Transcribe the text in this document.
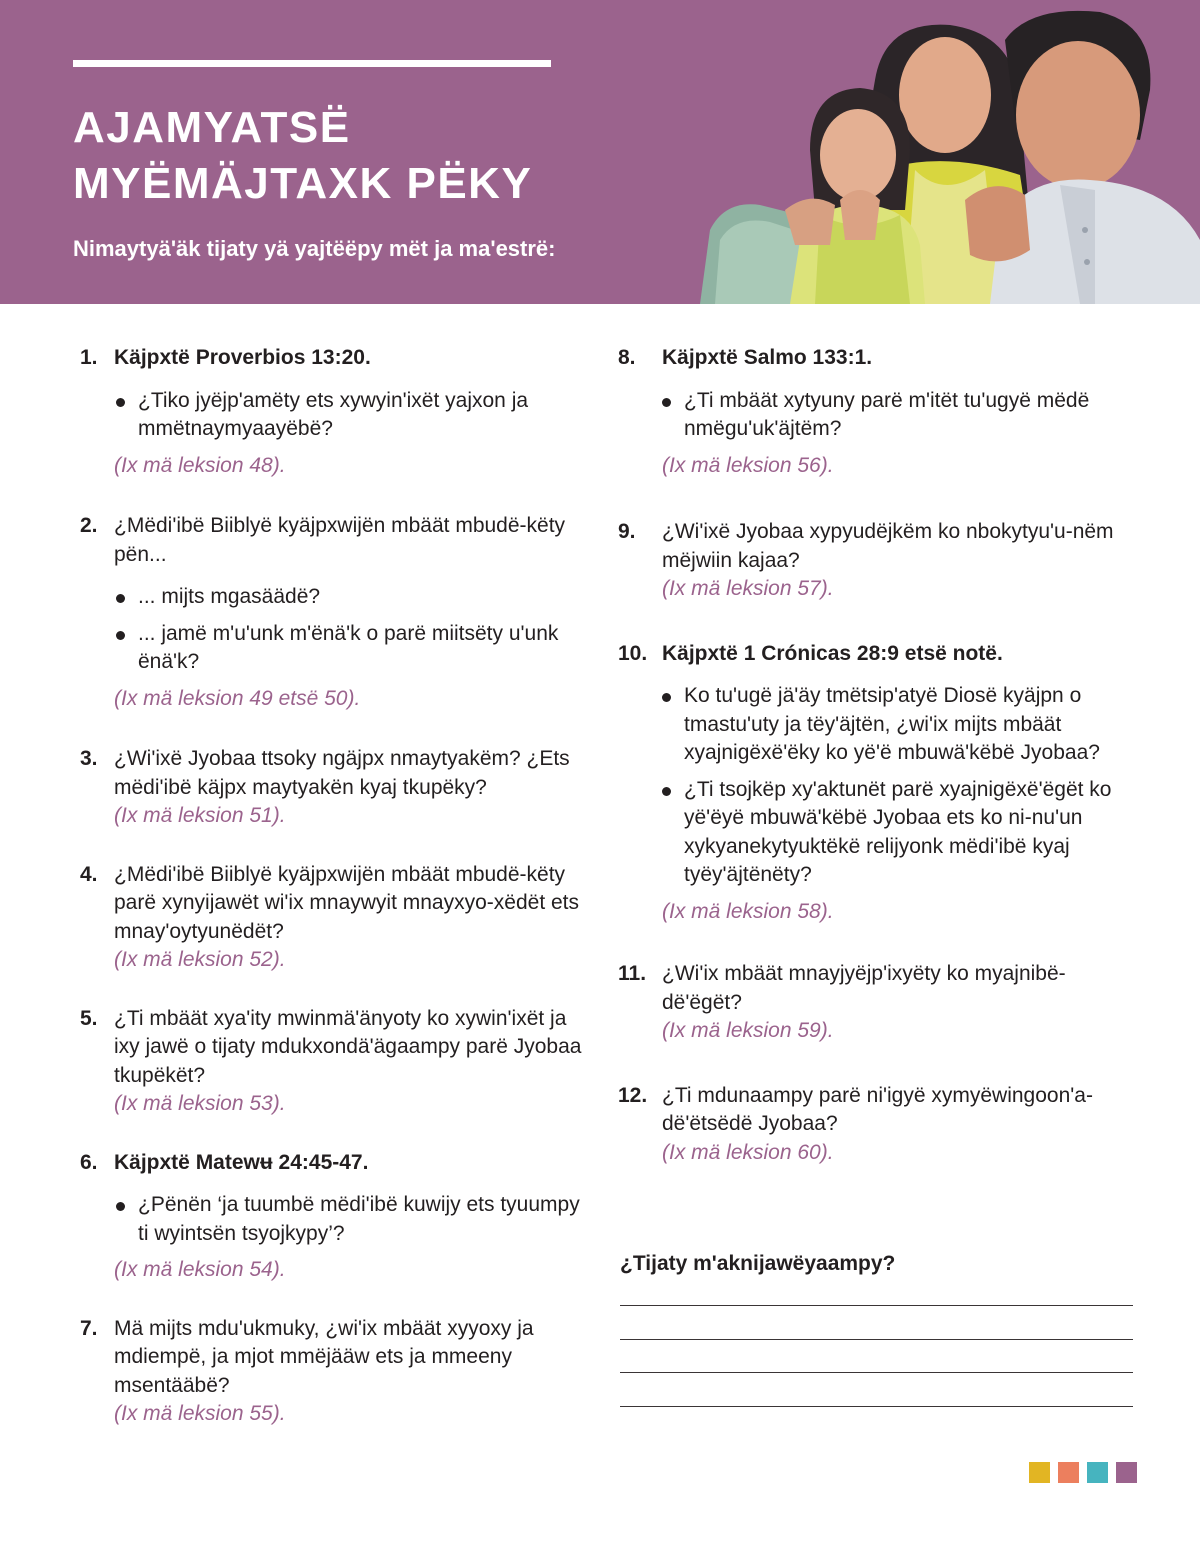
AJAMYATSË
MYËMÄJTAXK PËKY

Nimaytyä'äk tijaty yä yajtëëpy mët ja ma'estrë:

1. Käjpxtë Proverbios 13:20.
¿Tiko jyëjp'amëty ets xywyin'ixët yajxon ja mmëtnaymyaayëbë?
(Ix mä leksion 48).
2. ¿Mëdi'ibë Biiblyë kyäjpxwijën mbäät mbudë-këty pën...
... mijts mgasäädë?
... jamë m'u'unk m'ënä'k o parë miitsëty u'unk ënä'k?
(Ix mä leksion 49 etsë 50).
3. ¿Wi'ixë Jyobaa ttsoky ngäjpx nmaytyakëm? ¿Ets mëdi'ibë käjpx maytyakën kyaj tkupëky?
(Ix mä leksion 51).
4. ¿Mëdi'ibë Biiblyë kyäjpxwijën mbäät mbudë-këty parë xynyijawët wi'ix mnaywyit mnayxyo-xëdët ets mnay'oytyunëdët?
(Ix mä leksion 52).
5. ¿Ti mbäät xya'ity mwinmä'änyoty ko xywin'ixët ja ixy jawë o tijaty mdukxondä'ägaampy parë Jyobaa tkupëkët?
(Ix mä leksion 53).
6. Käjpxtë Matewʉ 24:45-47.
¿Pënën ‘ja tuumbë mëdi'ibë kuwijy ets tyuumpy ti wyintsën tsyojkypy’?
(Ix mä leksion 54).
7. Mä mijts mdu'ukmuky, ¿wi'ix mbäät xyyoxy ja mdiempë, ja mjot mmëjääw ets ja mmeeny msentääbë?
(Ix mä leksion 55).
8. Käjpxtë Salmo 133:1.
¿Ti mbäät xytyuny parë m'itët tu'ugyë mëdë nmëgu'uk'äjtëm?
(Ix mä leksion 56).
9. ¿Wi'ixë Jyobaa xypyudëjkëm ko nbokytyu'u-nëm mëjwiin kajaa?
(Ix mä leksion 57).
10. Käjpxtë 1 Crónicas 28:9 etsë notë.
Ko tu'ugë jä'äy tmëtsip'atyë Diosë kyäjpn o tmastu'uty ja tëy'äjtën, ¿wi'ix mijts mbäät xyajnigëxë'ëky ko yë'ë mbuwä'këbë Jyobaa?
¿Ti tsojkëp xy'aktunët parë xyajnigëxë'ëgët ko yë'ëyë mbuwä'këbë Jyobaa ets ko ni-nu'un xykyanekytyuktëkë relijyonk mëdi'ibë kyaj tyëy'äjtënëty?
(Ix mä leksion 58).
11. ¿Wi'ix mbäät mnayjyëjp'ixyëty ko myajnibë-dë'ëgët?
(Ix mä leksion 59).
12. ¿Ti mdunaampy parë ni'igyë xymyëwingoon'a-dë'ëtsëdë Jyobaa?
(Ix mä leksion 60).
¿Tijaty m'aknijawëyaampy?
